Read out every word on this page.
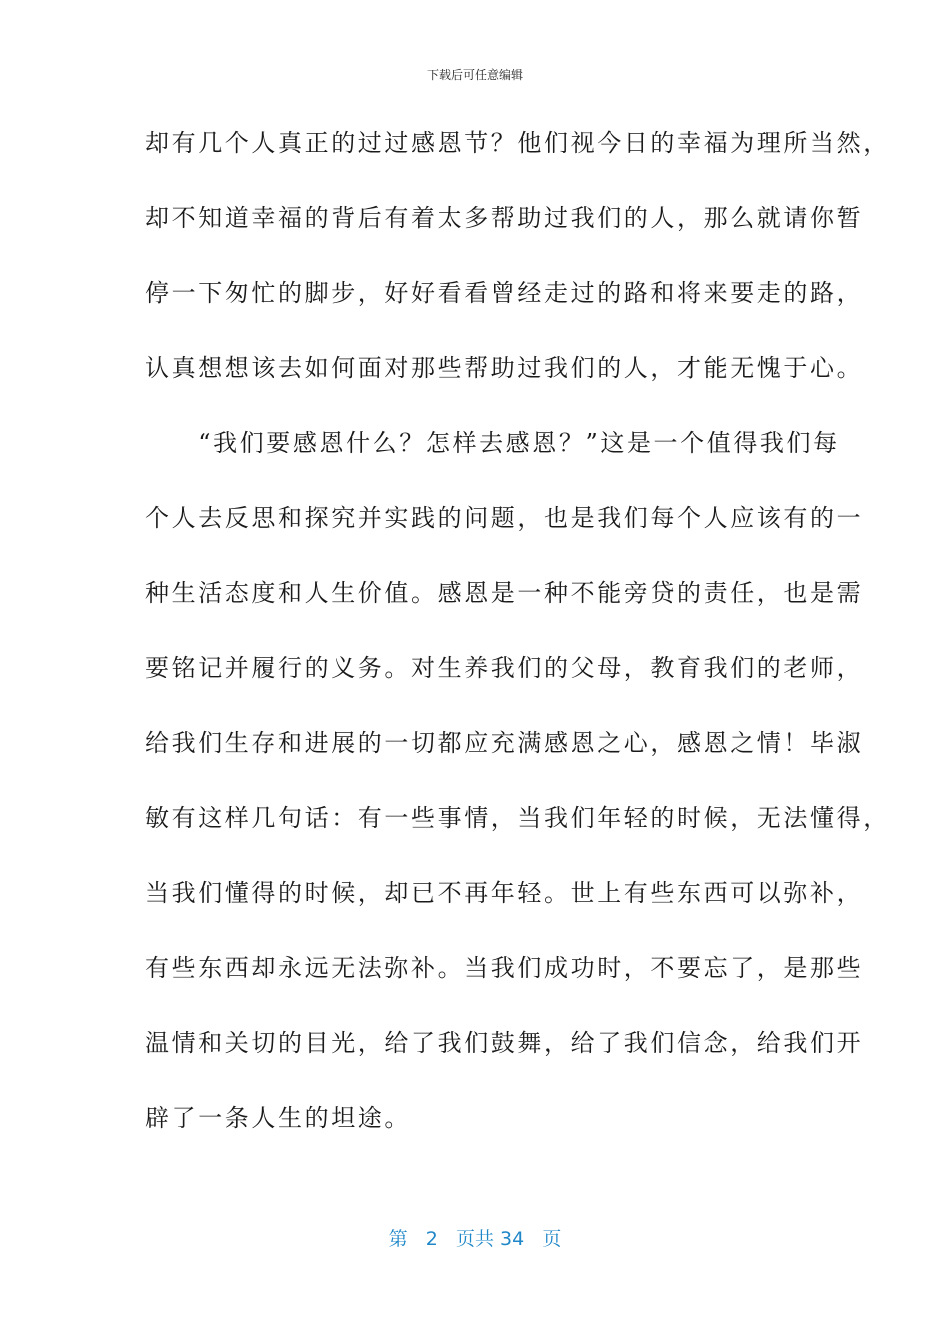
下载后可任意编辑
却有几个人真正的过过感恩节？他们视今日的幸福为理所当然，
却不知道幸福的背后有着太多帮助过我们的人，那么就请你暂
停一下匆忙的脚步，好好看看曾经走过的路和将来要走的路，
认真想想该去如何面对那些帮助过我们的人，才能无愧于心。
　　“我们要感恩什么？怎样去感恩？”这是一个值得我们每
个人去反思和探究并实践的问题，也是我们每个人应该有的一
种生活态度和人生价值。感恩是一种不能旁贷的责任，也是需
要铭记并履行的义务。对生养我们的父母，教育我们的老师，
给我们生存和进展的一切都应充满感恩之心，感恩之情！毕淑
敏有这样几句话：有一些事情，当我们年轻的时候，无法懂得，
当我们懂得的时候，却已不再年轻。世上有些东西可以弥补，
有些东西却永远无法弥补。当我们成功时，不要忘了，是那些
温情和关切的目光，给了我们鼓舞，给了我们信念，给我们开
辟了一条人生的坦途。
第 2 页共 34 页
